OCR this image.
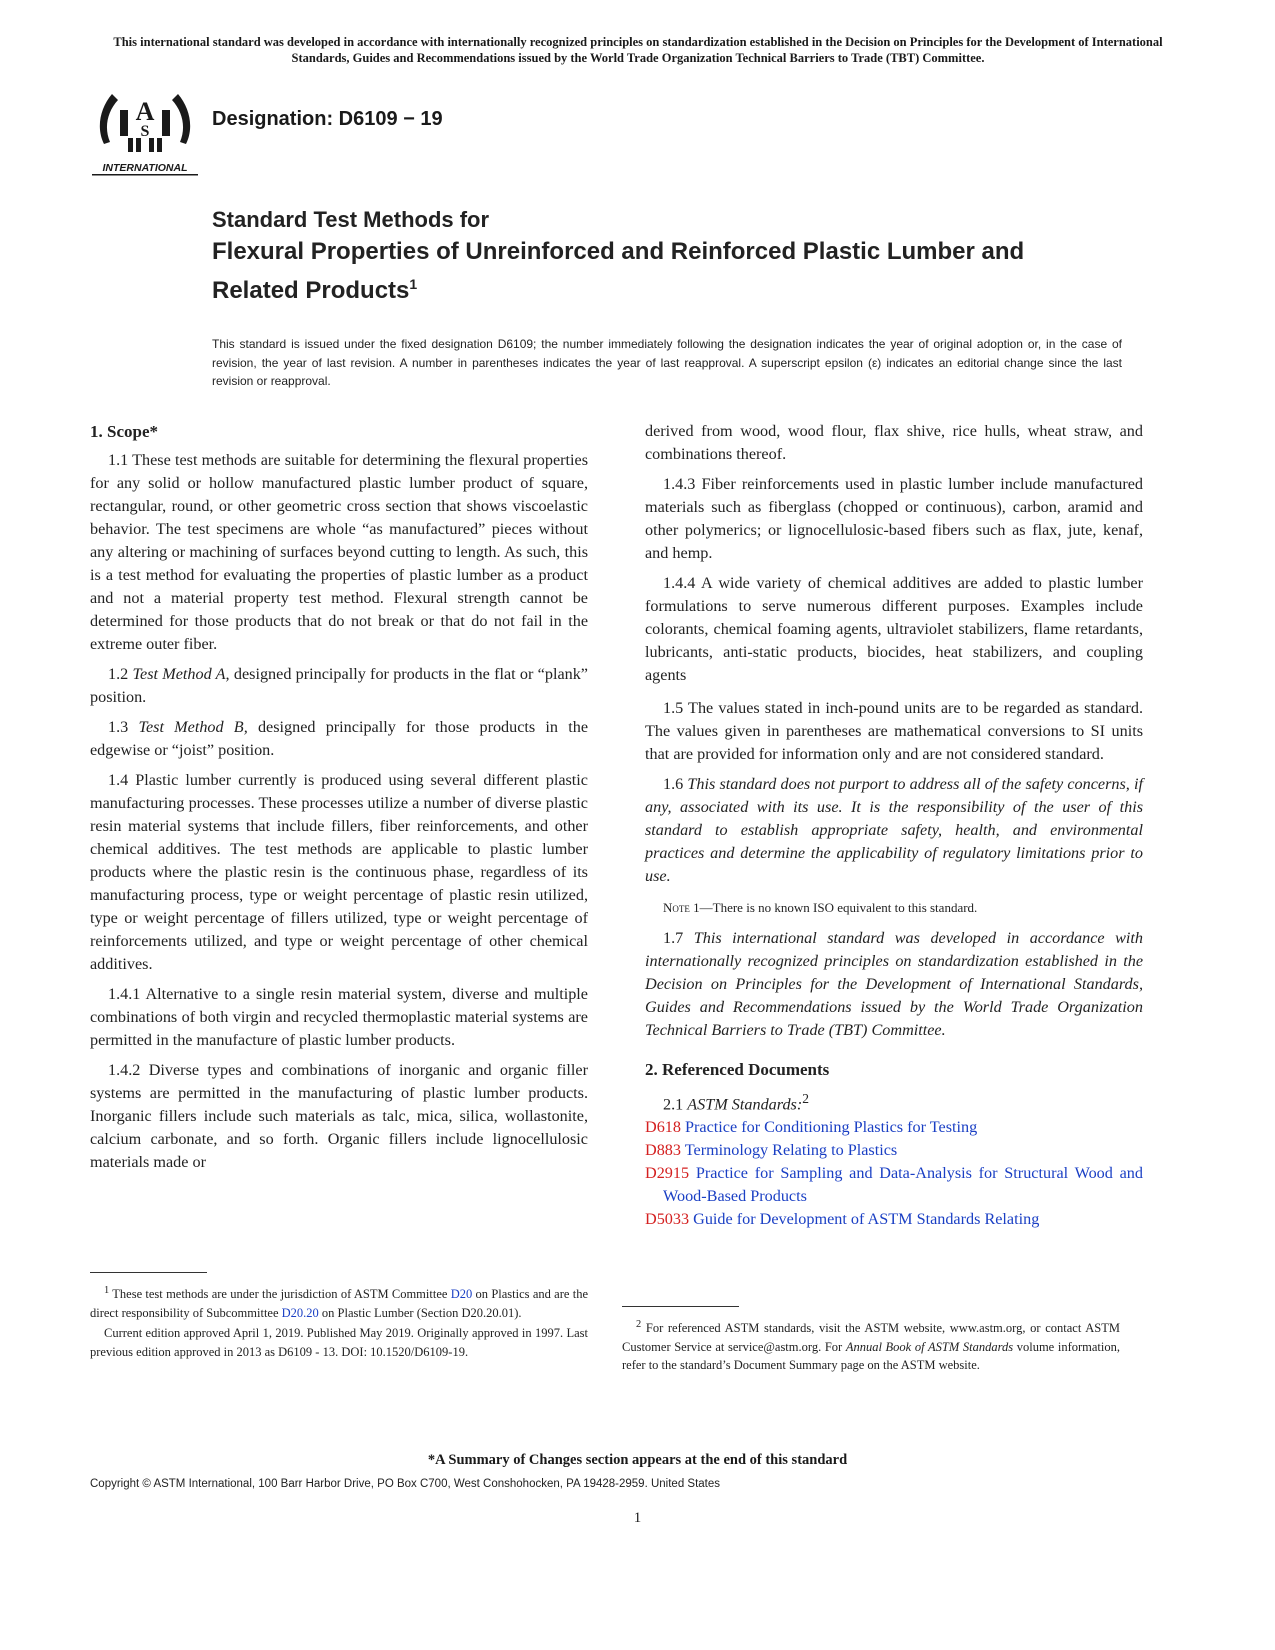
This international standard was developed in accordance with internationally recognized principles on standardization established in the Decision on Principles for the Development of International Standards, Guides and Recommendations issued by the World Trade Organization Technical Barriers to Trade (TBT) Committee.
A
S
INTERNATIONAL
Designation: D6109 − 19
Standard Test Methods for
Flexural Properties of Unreinforced and Reinforced Plastic Lumber and Related Products$^1$
This standard is issued under the fixed designation D6109; the number immediately following the designation indicates the year of original adoption or, in the case of revision, the year of last revision. A number in parentheses indicates the year of last reapproval. A superscript epsilon (ε) indicates an editorial change since the last revision or reapproval.
1. Scope*

1.1 These test methods are suitable for determining the flexural properties for any solid or hollow manufactured plastic lumber product of square, rectangular, round, or other geometric cross section that shows viscoelastic behavior. The test specimens are whole “as manufactured” pieces without any altering or machining of surfaces beyond cutting to length. As such, this is a test method for evaluating the properties of plastic lumber as a product and not a material property test method. Flexural strength cannot be determined for those products that do not break or that do not fail in the extreme outer fiber.

1.2 Test Method A, designed principally for products in the flat or “plank” position.

1.3 Test Method B, designed principally for those products in the edgewise or “joist” position.

1.4 Plastic lumber currently is produced using several different plastic manufacturing processes. These processes utilize a number of diverse plastic resin material systems that include fillers, fiber reinforcements, and other chemical additives. The test methods are applicable to plastic lumber products where the plastic resin is the continuous phase, regardless of its manufacturing process, type or weight percentage of plastic resin utilized, type or weight percentage of fillers utilized, type or weight percentage of reinforcements utilized, and type or weight percentage of other chemical additives.

1.4.1 Alternative to a single resin material system, diverse and multiple combinations of both virgin and recycled thermoplastic material systems are permitted in the manufacture of plastic lumber products.

1.4.2 Diverse types and combinations of inorganic and organic filler systems are permitted in the manufacturing of plastic lumber products. Inorganic fillers include such materials as talc, mica, silica, wollastonite, calcium carbonate, and so forth. Organic fillers include lignocellulosic materials made or

$^1$ These test methods are under the jurisdiction of ASTM Committee D20 on Plastics and are the direct responsibility of Subcommittee D20.20 on Plastic Lumber (Section D20.20.01).

Current edition approved April 1, 2019. Published May 2019. Originally approved in 1997. Last previous edition approved in 2013 as D6109 - 13. DOI: 10.1520/D6109-19.

derived from wood, wood flour, flax shive, rice hulls, wheat straw, and combinations thereof.

1.4.3 Fiber reinforcements used in plastic lumber include manufactured materials such as fiberglass (chopped or continuous), carbon, aramid and other polymerics; or lignocellulosic-based fibers such as flax, jute, kenaf, and hemp.

1.4.4 A wide variety of chemical additives are added to plastic lumber formulations to serve numerous different purposes. Examples include colorants, chemical foaming agents, ultraviolet stabilizers, flame retardants, lubricants, anti-static products, biocides, heat stabilizers, and coupling agents

1.5 The values stated in inch-pound units are to be regarded as standard. The values given in parentheses are mathematical conversions to SI units that are provided for information only and are not considered standard.

1.6 This standard does not purport to address all of the safety concerns, if any, associated with its use. It is the responsibility of the user of this standard to establish appropriate safety, health, and environmental practices and determine the applicability of regulatory limitations prior to use.

Note 1—There is no known ISO equivalent to this standard.

1.7 This international standard was developed in accordance with internationally recognized principles on standardization established in the Decision on Principles for the Development of International Standards, Guides and Recommendations issued by the World Trade Organization Technical Barriers to Trade (TBT) Committee.

2. Referenced Documents

2.1 ASTM Standards:$^2$

D618 Practice for Conditioning Plastics for Testing
D883 Terminology Relating to Plastics
D2915 Practice for Sampling and Data-Analysis for Structural Wood and Wood-Based Products
D5033 Guide for Development of ASTM Standards Relating

$^2$ For referenced ASTM standards, visit the ASTM website, www.astm.org, or contact ASTM Customer Service at service@astm.org. For Annual Book of ASTM Standards volume information, refer to the standard’s Document Summary page on the ASTM website.

*A Summary of Changes section appears at the end of this standard
Copyright © ASTM International, 100 Barr Harbor Drive, PO Box C700, West Conshohocken, PA 19428-2959. United States
1
